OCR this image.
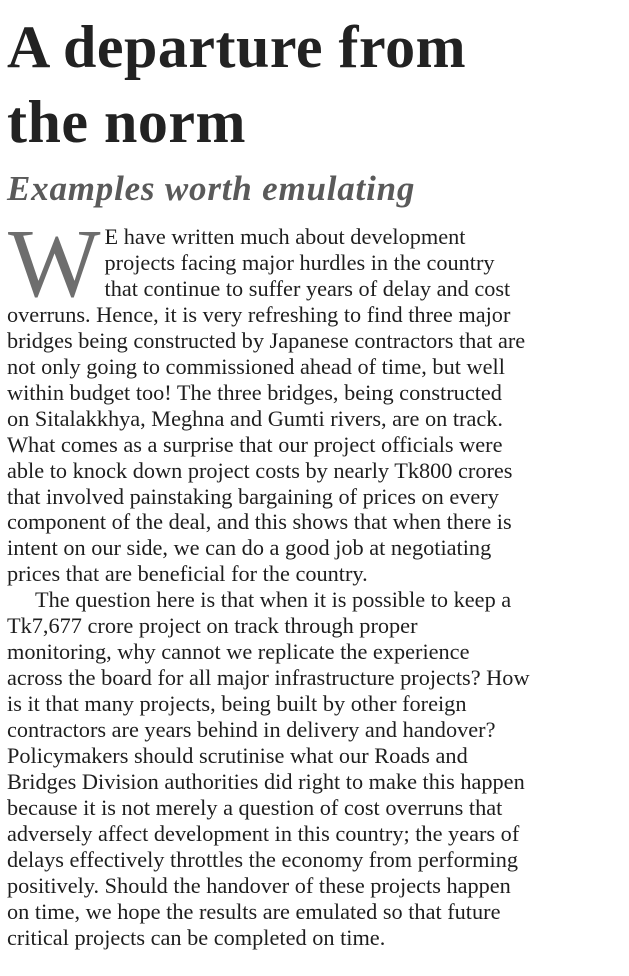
A departure from
the norm
Examples worth emulating

W E have written much about development
projects facing major hurdles in the country
that continue to suffer years of delay and cost
overruns. Hence, it is very refreshing to find three major
bridges being constructed by Japanese contractors that are
not only going to commissioned ahead of time, but well
within budget too! The three bridges, being constructed
on Sitalakkhya, Meghna and Gumti rivers, are on track.
What comes as a surprise that our project officials were
able to knock down project costs by nearly Tk800 crores
that involved painstaking bargaining of prices on every
component of the deal, and this shows that when there is
intent on our side, we can do a good job at negotiating
prices that are beneficial for the country.

The question here is that when it is possible to keep a
Tk7,677 crore project on track through proper
monitoring, why cannot we replicate the experience
across the board for all major infrastructure projects? How
is it that many projects, being built by other foreign
contractors are years behind in delivery and handover?
Policymakers should scrutinise what our Roads and
Bridges Division authorities did right to make this happen
because it is not merely a question of cost overruns that
adversely affect development in this country; the years of
delays effectively throttles the economy from performing
positively. Should the handover of these projects happen
on time, we hope the results are emulated so that future
critical projects can be completed on time.
